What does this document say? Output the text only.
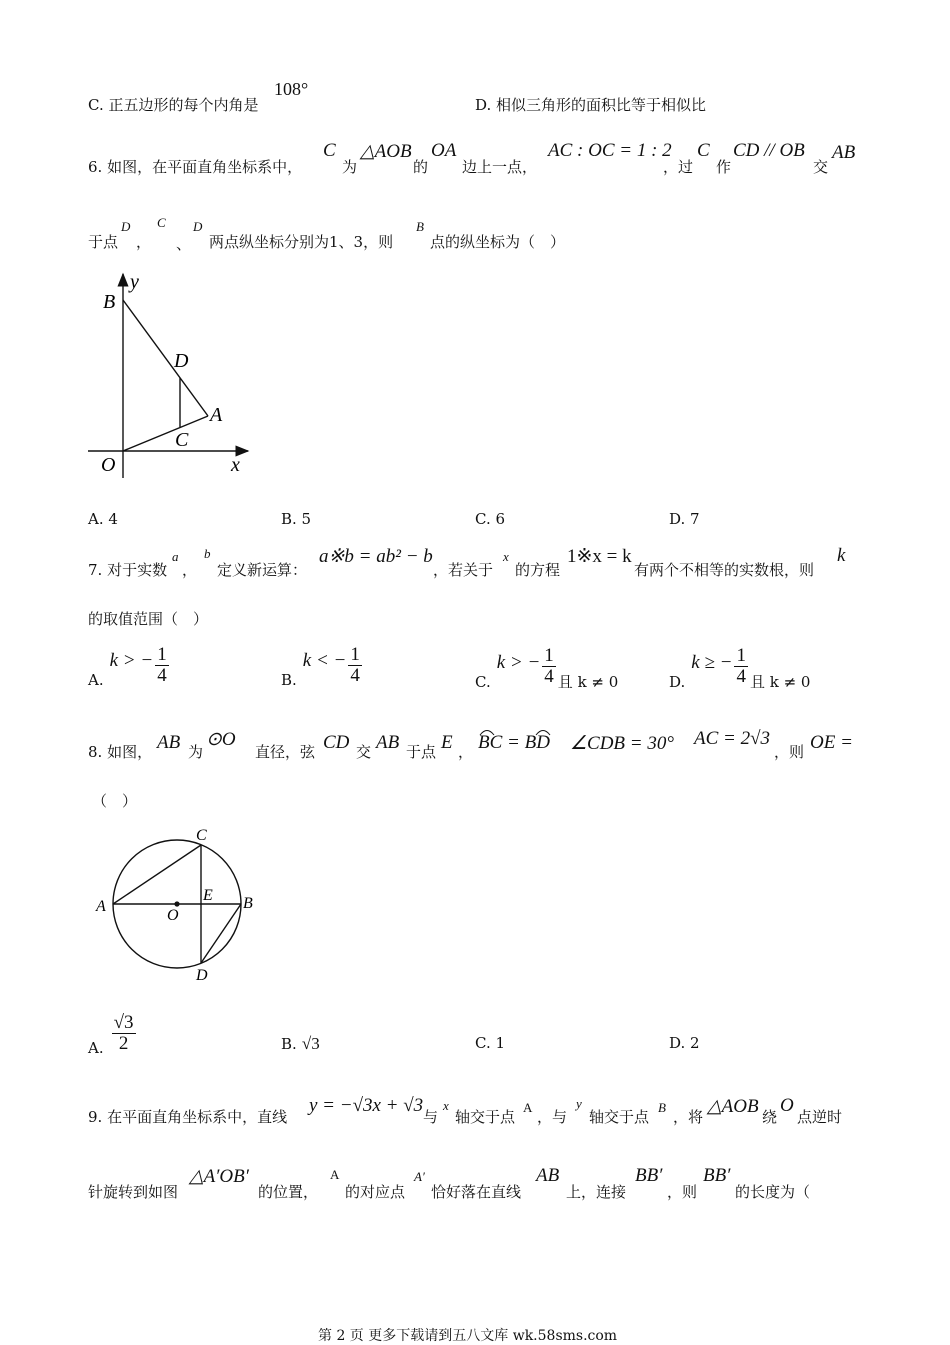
C. 正五边形的每个内角是
108°
D. 相似三角形的面积比等于相似比
6. 如图，在平面直角坐标系中，
C
为
△AOB
的
OA
边上一点，
AC : OC = 1 : 2
，过
C
作
CD // OB
交
AB
于点
D
，
C
、
D
两点纵坐标分别为1、3，则
B
点的纵坐标为（　）
y
B
D
A
C
O	x
A. 4	B. 5	C. 6	D. 7
7. 对于实数
a
，
b
定义新运算：
a※b = ab² − b
，若关于
x
的方程
1※x = k
有两个不相等的实数根，则
k
的取值范围（　）
A.
k > − $\frac{1}{4}$	B.
k < − $\frac{1}{4}$	C.
k > − $\frac{1}{4}$ 且 k ≠ 0	D.
k ≥ − $\frac{1}{4}$ 且 k ≠ 0
8. 如图， AB 为
⊙O
直径，弦 CD 交 AB 于点 E ， BC = BD ∠CDB = 30° AC = 2√3
，则 OE =
（　）
A	B
C
D
E
O
A. $\frac{√3}{2}$	B. √3	C. 1	D. 2
9. 在平面直角坐标系中，直线
y = −√3x + √3
与
x
轴交于点
A
，与
y
轴交于点
B
，将 △AOB 绕
O
点逆时
针旋转到如图
△A′OB′
的位置，
A
的对应点
A′
恰好落在直线
AB
上，连接
BB′
，则
BB′
的长度为（
第 2 页 更多下载请到五八文库 wk.58sms.com
